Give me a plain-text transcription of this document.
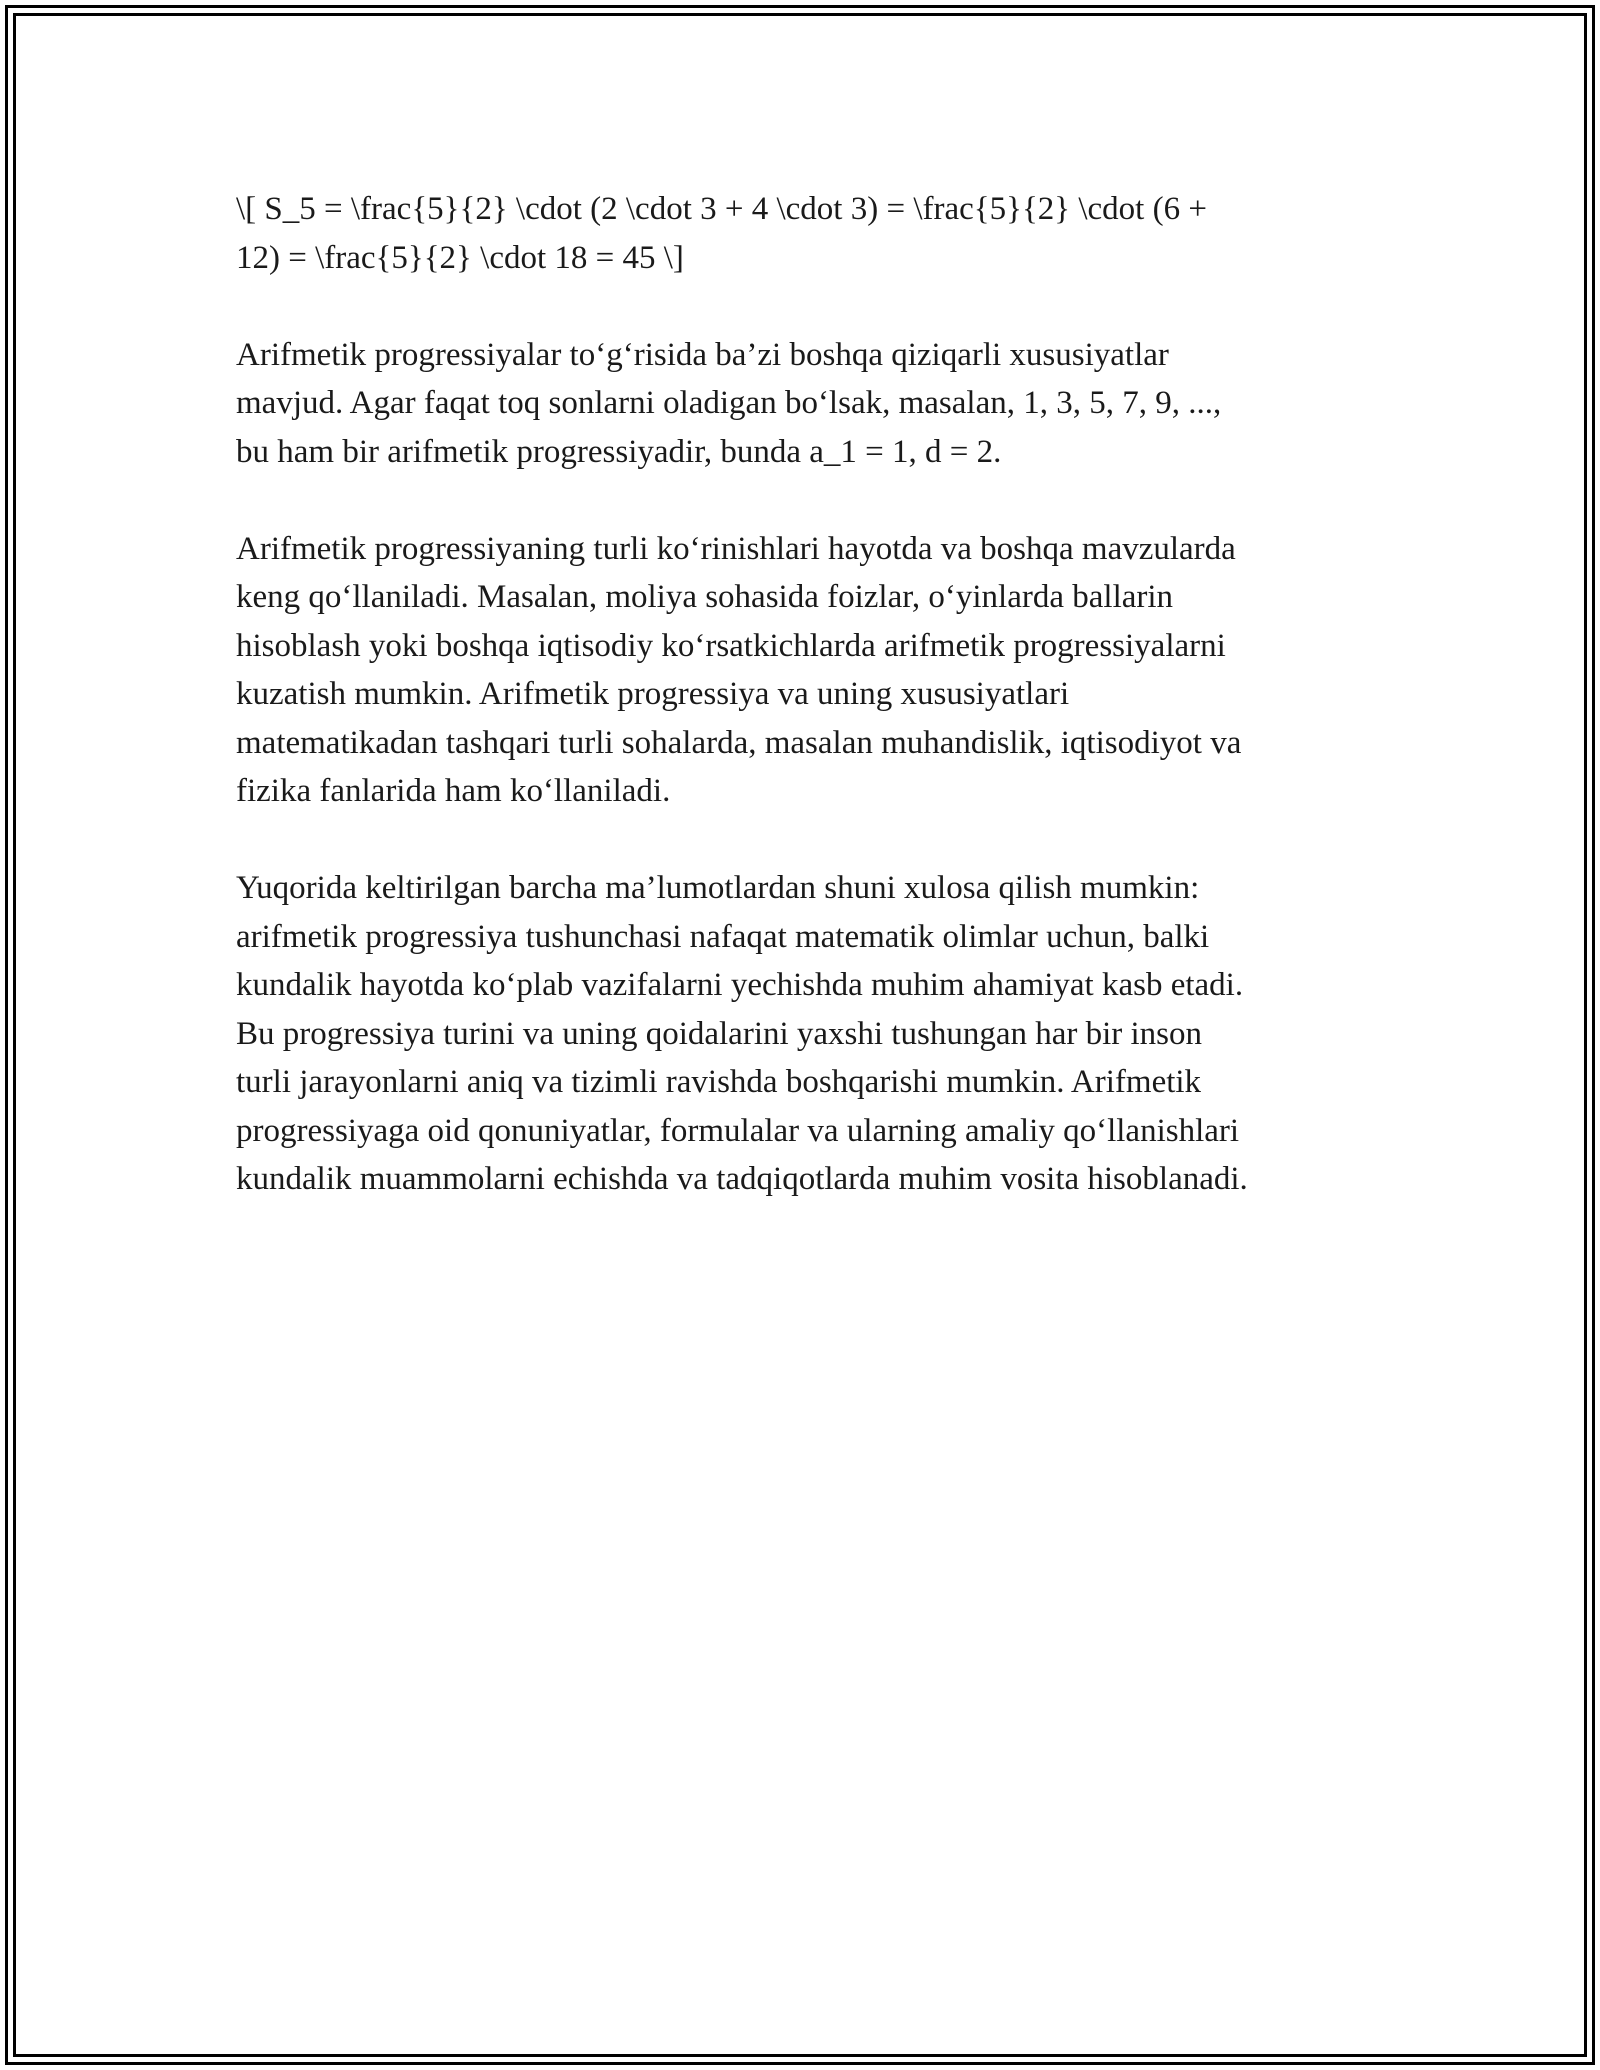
\[ S_5 = \frac{5}{2} \cdot (2 \cdot 3 + 4 \cdot 3) = \frac{5}{2} \cdot (6 +
12) = \frac{5}{2} \cdot 18 = 45 \]

Arifmetik progressiyalar to‘g‘risida ba’zi boshqa qiziqarli xususiyatlar
mavjud. Agar faqat toq sonlarni oladigan bo‘lsak, masalan, 1, 3, 5, 7, 9, ...,
bu ham bir arifmetik progressiyadir, bunda a_1 = 1, d = 2.

Arifmetik progressiyaning turli ko‘rinishlari hayotda va boshqa mavzularda
keng qo‘llaniladi. Masalan, moliya sohasida foizlar, o‘yinlarda ballarin
hisoblash yoki boshqa iqtisodiy ko‘rsatkichlarda arifmetik progressiyalarni
kuzatish mumkin. Arifmetik progressiya va uning xususiyatlari
matematikadan tashqari turli sohalarda, masalan muhandislik, iqtisodiyot va
fizika fanlarida ham ko‘llaniladi.

Yuqorida keltirilgan barcha ma’lumotlardan shuni xulosa qilish mumkin:
arifmetik progressiya tushunchasi nafaqat matematik olimlar uchun, balki
kundalik hayotda ko‘plab vazifalarni yechishda muhim ahamiyat kasb etadi.
Bu progressiya turini va uning qoidalarini yaxshi tushungan har bir inson
turli jarayonlarni aniq va tizimli ravishda boshqarishi mumkin. Arifmetik
progressiyaga oid qonuniyatlar, formulalar va ularning amaliy qo‘llanishlari
kundalik muammolarni echishda va tadqiqotlarda muhim vosita hisoblanadi.
